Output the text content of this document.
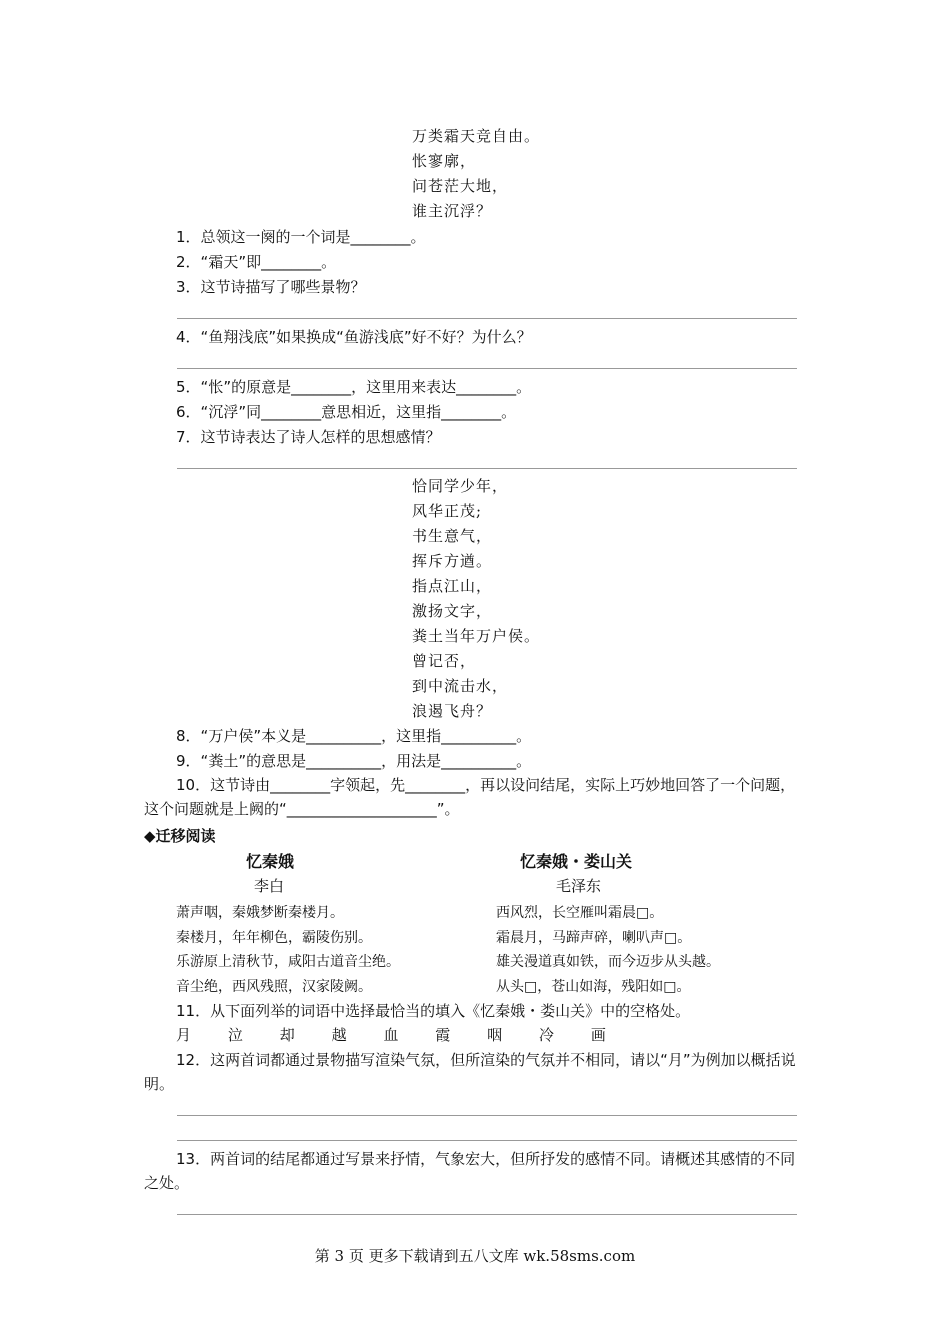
万类霜天竞自由。
怅寥廓，
问苍茫大地，
谁主沉浮？
1．总领这一阕的一个词是________。
2．“霜天”即________。
3．这节诗描写了哪些景物？
4．“鱼翔浅底”如果换成“鱼游浅底”好不好？为什么？
5．“怅”的原意是________，这里用来表达________。
6．“沉浮”同________意思相近，这里指________。
7．这节诗表达了诗人怎样的思想感情？
恰同学少年，
风华正茂;
书生意气，
挥斥方遒。
指点江山，
激扬文字，
粪土当年万户侯。
曾记否，
到中流击水，
浪遏飞舟？
8．“万户侯”本义是__________，这里指__________。
9．“粪土”的意思是__________，用法是__________。
10．这节诗由________字领起，先________，再以设问结尾，实际上巧妙地回答了一个问题，这个问题就是上阙的“____________________”。
◆迁移阅读
忆秦娥	忆秦娥・娄山关
李白	毛泽东
萧声咽，秦娥梦断秦楼月。
秦楼月，年年柳色，霸陵伤别。
乐游原上清秋节，咸阳古道音尘绝。
音尘绝，西风残照，汉家陵阙。
西风烈，长空雁叫霜晨□。
霜晨月，马蹄声碎，喇叭声□。
雄关漫道真如铁，而今迈步从头越。
从头□，苍山如海，残阳如□。
11．从下面列举的词语中选择最恰当的填入《忆秦娥・娄山关》中的空格处。
月 泣 却 越 血 霞 咽 冷 画
12．这两首词都通过景物描写渲染气氛，但所渲染的气氛并不相同，请以“月”为例加以概括说明。
13．两首词的结尾都通过写景来抒情，气象宏大，但所抒发的感情不同。请概述其感情的不同之处。
第 3 页 更多下载请到五八文库 wk.58sms.com
